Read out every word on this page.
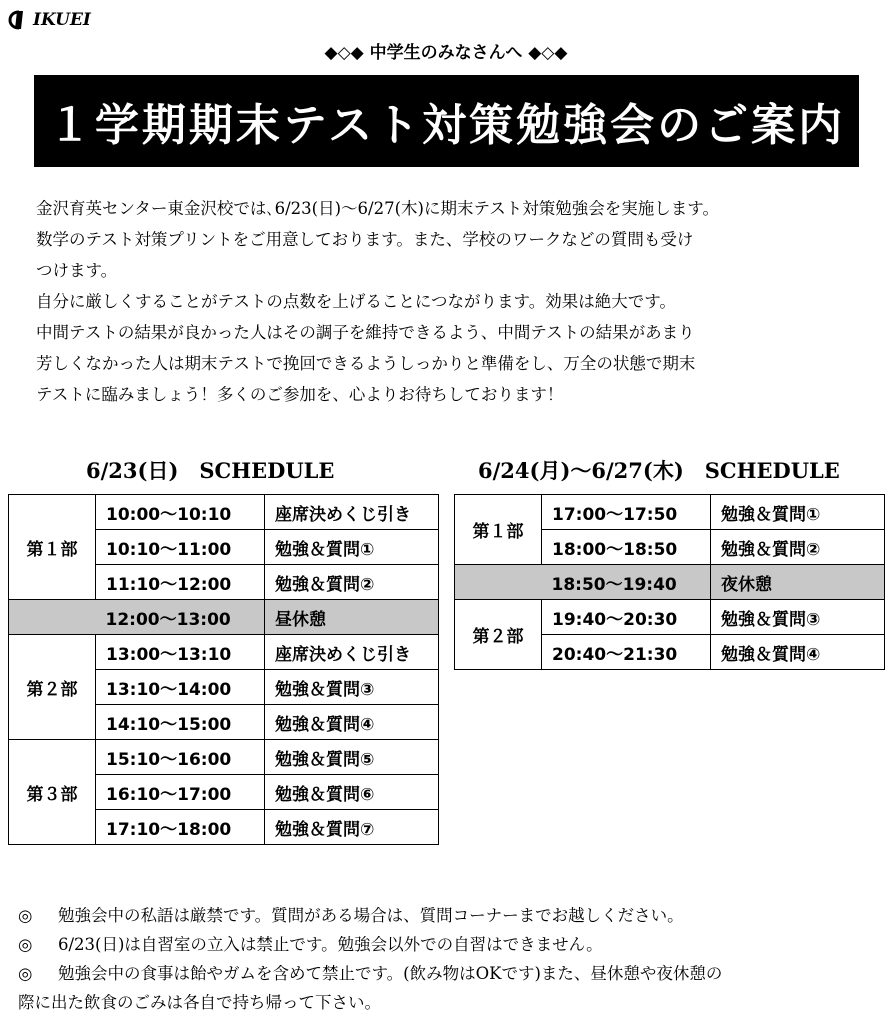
IKUEI
◆◇◆ 中学生のみなさんへ ◆◇◆
１学期期末テスト対策勉強会のご案内

金沢育英センター東金沢校では､6/23(日)～6/27(木)に期末テスト対策勉強会を実施します。

数学のテスト対策プリントをご用意しております。また、学校のワークなどの質問も受け

つけます。

自分に厳しくすることがテストの点数を上げることにつながります。効果は絶大です。

中間テストの結果が良かった人はその調子を維持できるよう、中間テストの結果があまり

芳しくなかった人は期末テストで挽回できるようしっかりと準備をし、万全の状態で期末

テストに臨みましょう！多くのご参加を、心よりお待ちしております！

6/23(日)　SCHEDULE	6/24(月)～6/27(木)　SCHEDULE
第１部	10:00～10:10	座席決めくじ引き
	10:10～11:00	勉強＆質問①
	11:10～12:00	勉強＆質問②
	12:00～13:00	昼休憩
第２部	13:00～13:10	座席決めくじ引き
	13:10～14:00	勉強＆質問③
	14:10～15:00	勉強＆質問④
第３部	15:10～16:00	勉強＆質問⑤
	16:10～17:00	勉強＆質問⑥
	17:10～18:00	勉強＆質問⑦
第１部	17:00～17:50	勉強＆質問①
	18:00～18:50	勉強＆質問②
	18:50～19:40	夜休憩
第２部	19:40～20:30	勉強＆質問③
	20:40～21:30	勉強＆質問④
◎	勉強会中の私語は厳禁です。質問がある場合は、質問コーナーまでお越しください。
◎	6/23(日)は自習室の立入は禁止です。勉強会以外での自習はできません。
◎	勉強会中の食事は飴やガムを含めて禁止です。(飲み物はOKです)また、昼休憩や夜休憩の
際に出た飲食のごみは各自で持ち帰って下さい。
